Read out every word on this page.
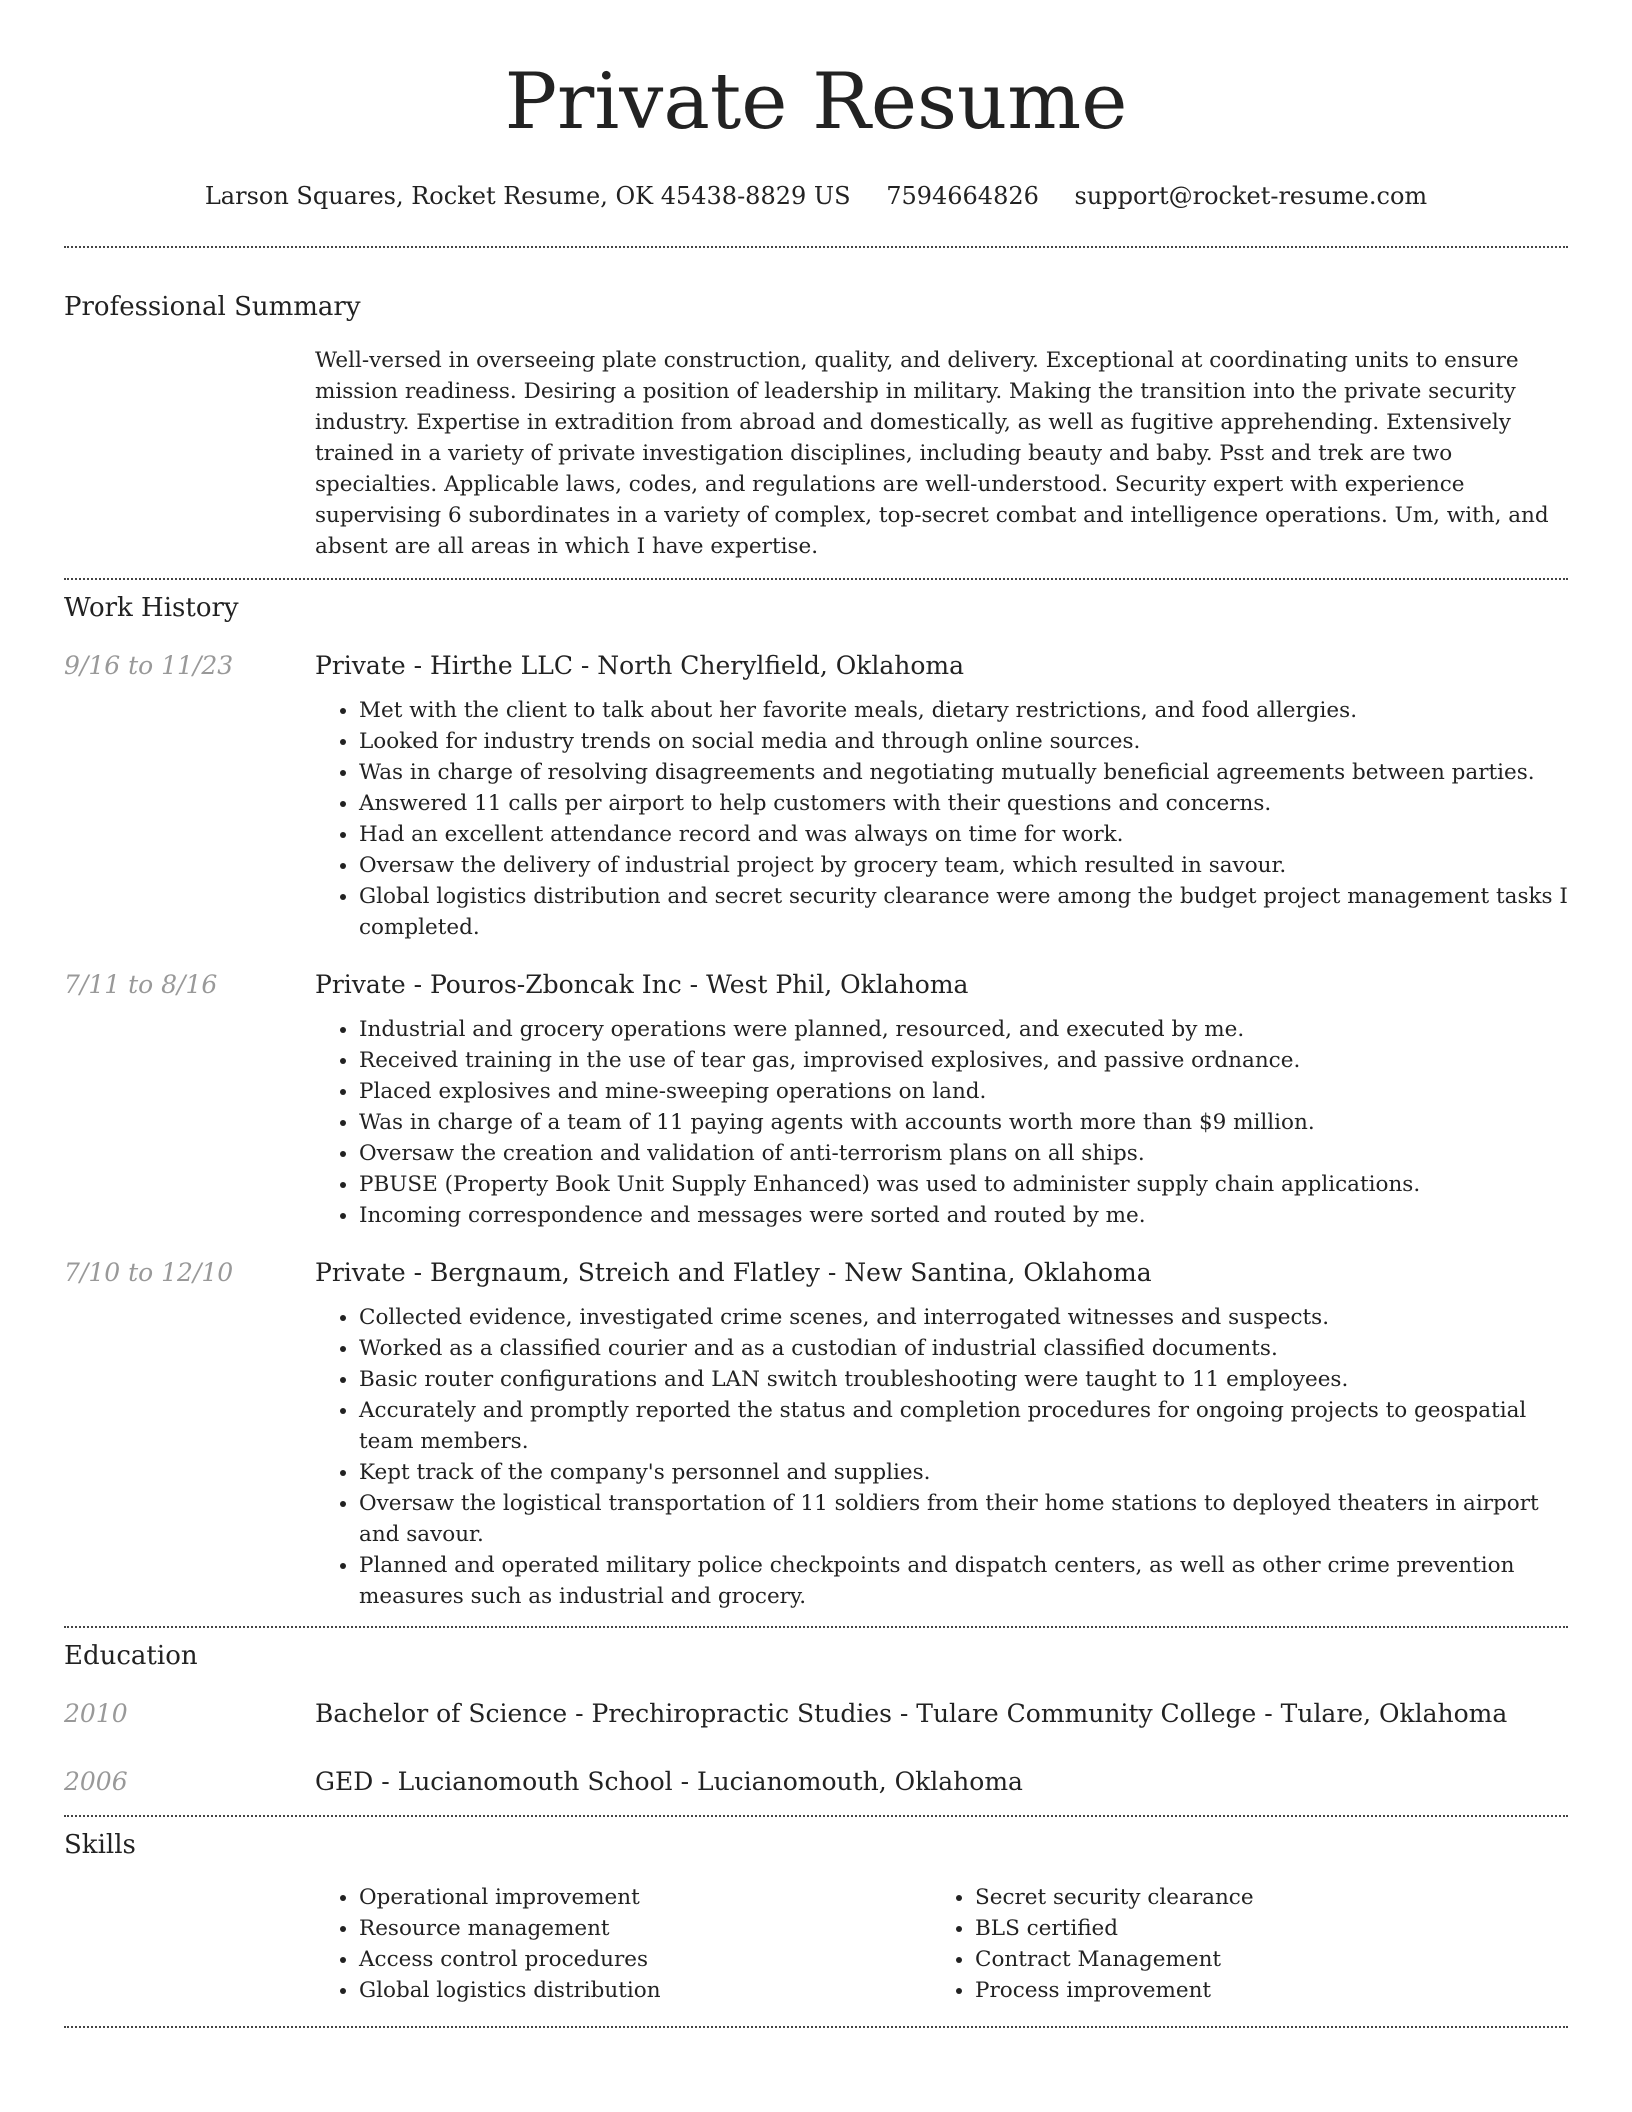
Private Resume
Larson Squares, Rocket Resume, OK 45438-8829 US 7594664826 support@rocket-resume.com
Professional Summary

Well-versed in overseeing plate construction, quality, and delivery. Exceptional at coordinating units to ensure mission readiness. Desiring a position of leadership in military. Making the transition into the private security industry. Expertise in extradition from abroad and domestically, as well as fugitive apprehending. Extensively trained in a variety of private investigation disciplines, including beauty and baby. Psst and trek are two specialties. Applicable laws, codes, and regulations are well-understood. Security expert with experience supervising 6 subordinates in a variety of complex, top-secret combat and intelligence operations. Um, with, and absent are all areas in which I have expertise.

Work History
9/16 to 11/23	Private - Hirthe LLC - North Cherylfield, Oklahoma
• Met with the client to talk about her favorite meals, dietary restrictions, and food allergies.
• Looked for industry trends on social media and through online sources.
• Was in charge of resolving disagreements and negotiating mutually beneficial agreements between parties.
• Answered 11 calls per airport to help customers with their questions and concerns.
• Had an excellent attendance record and was always on time for work.
• Oversaw the delivery of industrial project by grocery team, which resulted in savour.
• Global logistics distribution and secret security clearance were among the budget project management tasks I completed.
7/11 to 8/16	Private - Pouros-Zboncak Inc - West Phil, Oklahoma
• Industrial and grocery operations were planned, resourced, and executed by me.
• Received training in the use of tear gas, improvised explosives, and passive ordnance.
• Placed explosives and mine-sweeping operations on land.
• Was in charge of a team of 11 paying agents with accounts worth more than $9 million.
• Oversaw the creation and validation of anti-terrorism plans on all ships.
• PBUSE (Property Book Unit Supply Enhanced) was used to administer supply chain applications.
• Incoming correspondence and messages were sorted and routed by me.
7/10 to 12/10	Private - Bergnaum, Streich and Flatley - New Santina, Oklahoma
• Collected evidence, investigated crime scenes, and interrogated witnesses and suspects.
• Worked as a classified courier and as a custodian of industrial classified documents.
• Basic router configurations and LAN switch troubleshooting were taught to 11 employees.
• Accurately and promptly reported the status and completion procedures for ongoing projects to geospatial team members.
• Kept track of the company's personnel and supplies.
• Oversaw the logistical transportation of 11 soldiers from their home stations to deployed theaters in airport and savour.
• Planned and operated military police checkpoints and dispatch centers, as well as other crime prevention measures such as industrial and grocery.
Education
2010	Bachelor of Science - Prechiropractic Studies - Tulare Community College - Tulare, Oklahoma
2006	GED - Lucianomouth School - Lucianomouth, Oklahoma
Skills
• Operational improvement
• Resource management
• Access control procedures
• Global logistics distribution
• Secret security clearance
• BLS certified
• Contract Management
• Process improvement
